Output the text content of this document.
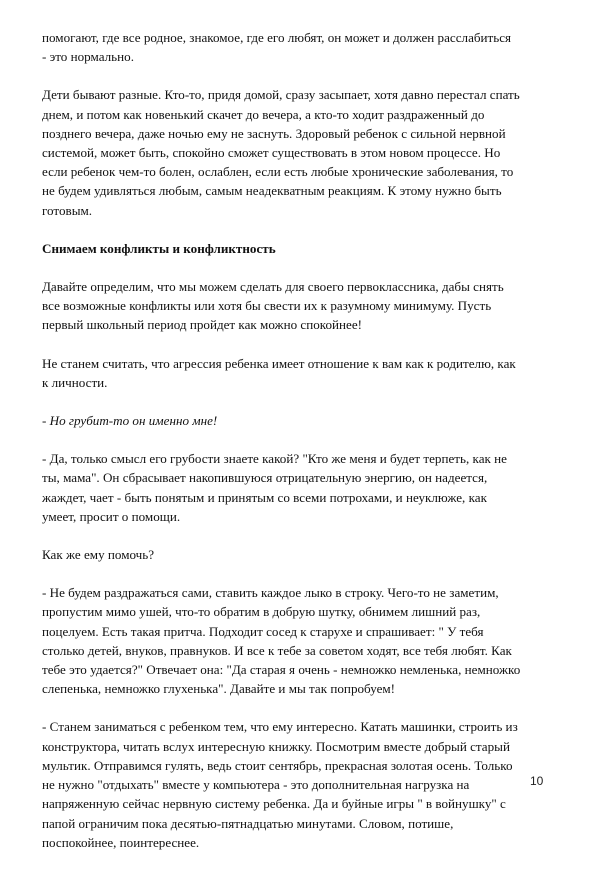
помогают, где все родное, знакомое, где его любят, он может и должен расслабиться
- это нормально.

Дети бывают разные. Кто-то, придя домой, сразу засыпает, хотя давно перестал спать
днем, и потом как новенький скачет до вечера, а кто-то ходит раздраженный до
позднего вечера, даже ночью ему не заснуть. Здоровый ребенок с сильной нервной
системой, может быть, спокойно сможет существовать в этом новом процессе. Но
если ребенок чем-то болен, ослаблен, если есть любые хронические заболевания, то
не будем удивляться любым, самым неадекватным реакциям. К этому нужно быть
готовым.

Снимаем конфликты и конфликтность

Давайте определим, что мы можем сделать для своего первоклассника, дабы снять
все возможные конфликты или хотя бы свести их к разумному минимуму. Пусть
первый школьный период пройдет как можно спокойнее!

Не станем считать, что агрессия ребенка имеет отношение к вам как к родителю, как
к личности.

- Но грубит-то он именно мне!

- Да, только смысл его грубости знаете какой? "Кто же меня и будет терпеть, как не
ты, мама". Он сбрасывает накопившуюся отрицательную энергию, он надеется,
жаждет, чает - быть понятым и принятым со всеми потрохами, и неуклюже, как
умеет, просит о помощи.

Как же ему помочь?

- Не будем раздражаться сами, ставить каждое лыко в строку. Чего-то не заметим,
пропустим мимо ушей, что-то обратим в добрую шутку, обнимем лишний раз,
поцелуем. Есть такая притча. Подходит сосед к старухе и спрашивает: " У тебя
столько детей, внуков, правнуков. И все к тебе за советом ходят, все тебя любят. Как
тебе это удается?" Отвечает она: "Да старая я очень - немножко немленька, немножко
слепенька, немножко глухенька". Давайте и мы так попробуем!

- Станем заниматься с ребенком тем, что ему интересно. Катать машинки, строить из
конструктора, читать вслух интересную книжку. Посмотрим вместе добрый старый
мультик. Отправимся гулять, ведь стоит сентябрь, прекрасная золотая осень. Только
не нужно "отдыхать" вместе у компьютера - это дополнительная нагрузка на
напряженную сейчас нервную систему ребенка. Да и буйные игры " в войнушку" с
папой ограничим пока десятью-пятнадцатью минутами. Словом, потише,
поспокойнее, поинтереснее.

10
